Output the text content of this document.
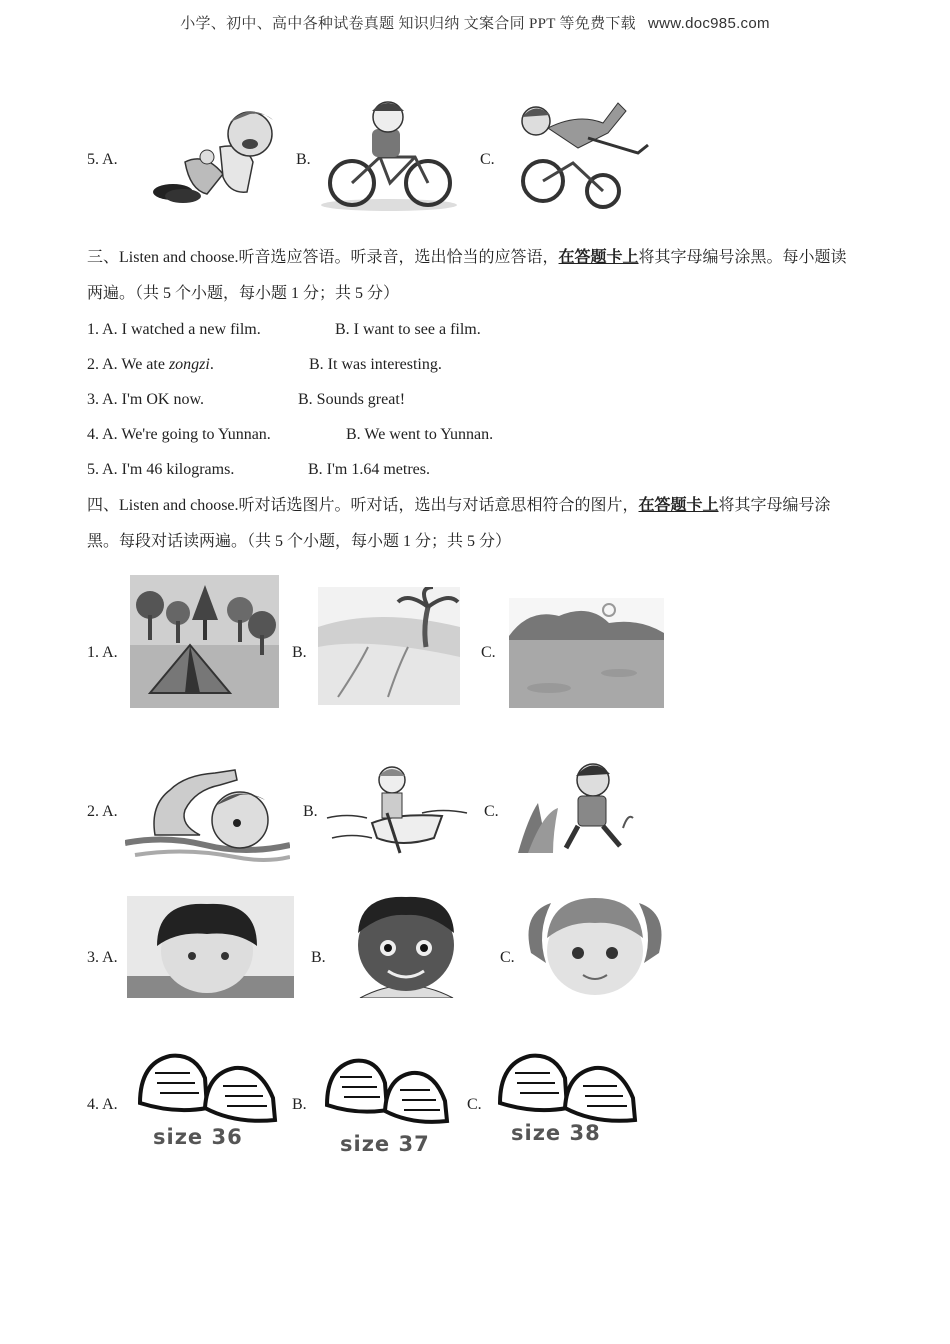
小学、初中、高中各种试卷真题 知识归纳 文案合同 PPT 等免费下载 www.doc985.com
5. A.	B.	C.
三、Listen and choose.听音选应答语。听录音，选出恰当的应答语，在答题卡上将其字母编号涂黑。每小题读两遍。（共 5 个小题，每小题 1 分；共 5 分）
1. A. I watched a new film.	B. I want to see a film.
2. A. We ate zongzi.	B. It was interesting.
3. A. I'm OK now.	B. Sounds great!
4. A. We're going to Yunnan.	B. We went to Yunnan.
5. A. I'm 46 kilograms.	B. I'm 1.64 metres.
四、Listen and choose.听对话选图片。听对话，选出与对话意思相符合的图片，在答题卡上将其字母编号涂黑。每段对话读两遍。（共 5 个小题，每小题 1 分；共 5 分）
1. A.	B.	C.
2. A.	B.	C.
3. A.	B.	C.
4. A.
size 36
B.
size 37
C.
size 38
